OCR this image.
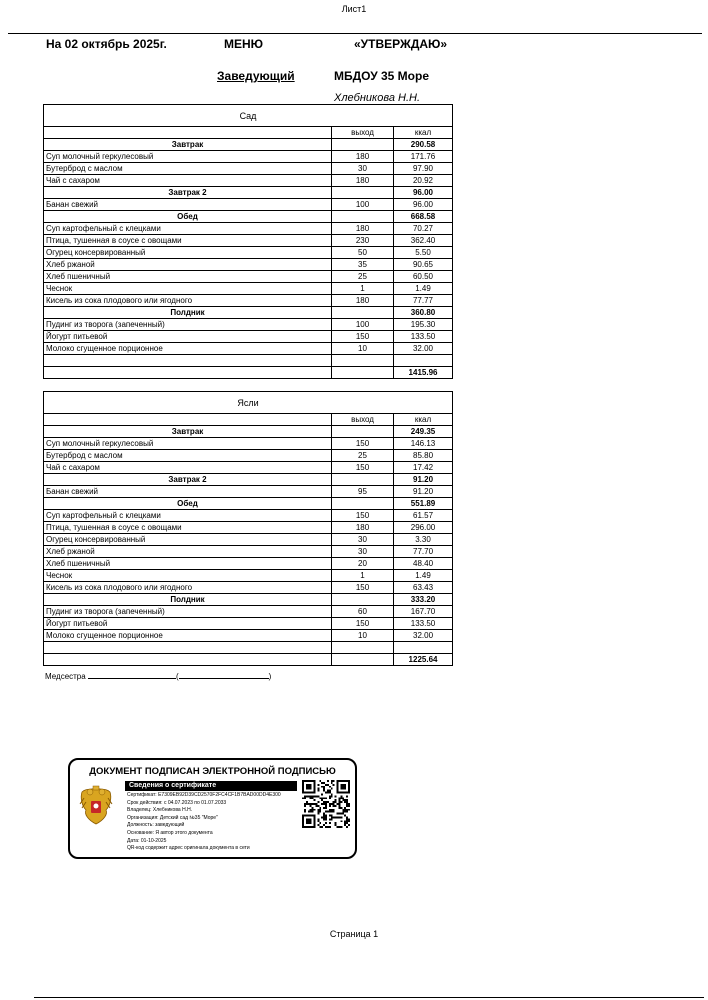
Лист1
На 02 октябрь 2025г.	МЕНЮ	«УТВЕРЖДАЮ»
Заведующий	МБДОУ 35 Море
Хлебникова Н.Н.
Сад		
	выход	ккал
Завтрак		290.58
Суп молочный геркулесовый	180	171.76
Бутерброд с маслом	30	97.90
Чай с сахаром	180	20.92
Завтрак 2		96.00
Банан свежий	100	96.00
Обед		668.58
Суп картофельный с клецками	180	70.27
Птица, тушенная в соусе с овощами	230	362.40
Огурец консервированный	50	5.50
Хлеб ржаной	35	90.65
Хлеб пшеничный	25	60.50
Чеснок	1	1.49
Кисель из сока плодового или ягодного	180	77.77
Полдник		360.80
Пудинг из творога (запеченный)	100	195.30
Йогурт питьевой	150	133.50
Молоко сгущенное порционное	10	32.00

		1415.96
Ясли		
	выход	ккал
Завтрак		249.35
Суп молочный геркулесовый	150	146.13
Бутерброд с маслом	25	85.80
Чай с сахаром	150	17.42
Завтрак 2		91.20
Банан свежий	95	91.20
Обед		551.89
Суп картофельный с клецками	150	61.57
Птица, тушенная в соусе с овощами	180	296.00
Огурец консервированный	30	3.30
Хлеб ржаной	30	77.70
Хлеб пшеничный	20	48.40
Чеснок	1	1.49
Кисель из сока плодового или ягодного	150	63.43
Полдник		333.20
Пудинг из творога (запеченный)	60	167.70
Йогурт питьевой	150	133.50
Молоко сгущенное порционное	10	32.00

		1225.64
Медсестра	(	)
ДОКУМЕНТ ПОДПИСАН ЭЛЕКТРОННОЙ ПОДПИСЬЮ
Сведения о сертификате
Сертификат: E7309EB92D39CD2570F2FC4CF1B7BAD00DD4E300
Срок действия: с 04.07.2023 по 01.07.2033
Владелец: Хлебникова Н.Н.
Организация: Детский сад №35 "Море"
Должность: заведующий
Основание: Я автор этого документа
Дата: 01-10-2025
QR-код содержит адрес оригинала документа в сети
Страница 1
